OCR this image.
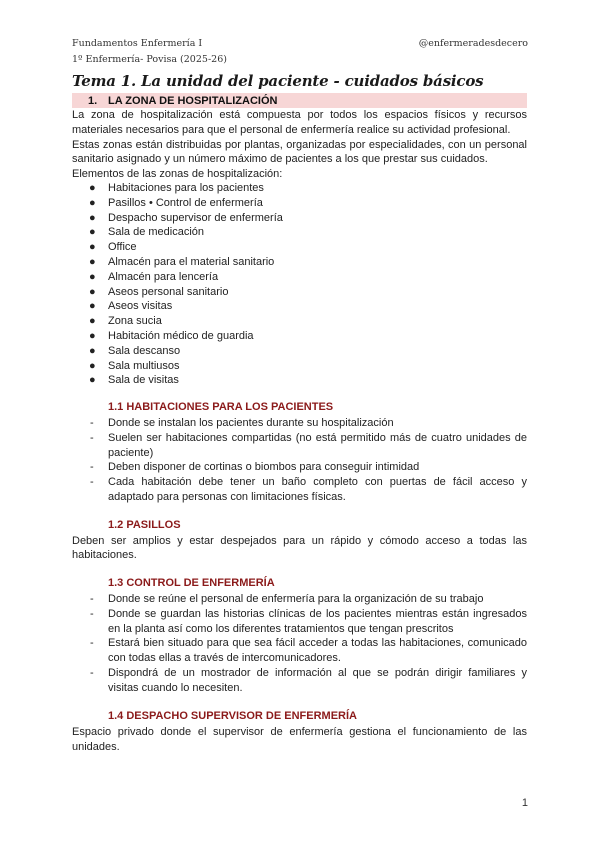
Fundamentos Enfermería I
1º Enfermería- Povisa (2025-26)
@enfermeradesdecero
Tema 1. La unidad del paciente - cuidados básicos
1. LA ZONA DE HOSPITALIZACIÓN
La zona de hospitalización está compuesta por todos los espacios físicos y recursos
materiales necesarios para que el personal de enfermería realice su actividad profesional.
Estas zonas están distribuidas por plantas, organizadas por especialidades, con un personal
sanitario asignado y un número máximo de pacientes a los que prestar sus cuidados.
Elementos de las zonas de hospitalización:
● Habitaciones para los pacientes
● Pasillos • Control de enfermería
● Despacho supervisor de enfermería
● Sala de medicación
● Office
● Almacén para el material sanitario
● Almacén para lencería
● Aseos personal sanitario
● Aseos visitas
● Zona sucia
● Habitación médico de guardia
● Sala descanso
● Sala multiusos
● Sala de visitas
1.1 HABITACIONES PARA LOS PACIENTES
- Donde se instalan los pacientes durante su hospitalización
- Suelen ser habitaciones compartidas (no está permitido más de cuatro unidades de
paciente)
- Deben disponer de cortinas o biombos para conseguir intimidad
- Cada habitación debe tener un baño completo con puertas de fácil acceso y
adaptado para personas con limitaciones físicas.
1.2 PASILLOS
Deben ser amplios y estar despejados para un rápido y cómodo acceso a todas las
habitaciones.
1.3 CONTROL DE ENFERMERÍA
- Donde se reúne el personal de enfermería para la organización de su trabajo
- Donde se guardan las historias clínicas de los pacientes mientras están ingresados
en la planta así como los diferentes tratamientos que tengan prescritos
- Estará bien situado para que sea fácil acceder a todas las habitaciones, comunicado
con todas ellas a través de intercomunicadores.
- Dispondrá de un mostrador de información al que se podrán dirigir familiares y
visitas cuando lo necesiten.
1.4 DESPACHO SUPERVISOR DE ENFERMERÍA
Espacio privado donde el supervisor de enfermería gestiona el funcionamiento de las
unidades.
1
